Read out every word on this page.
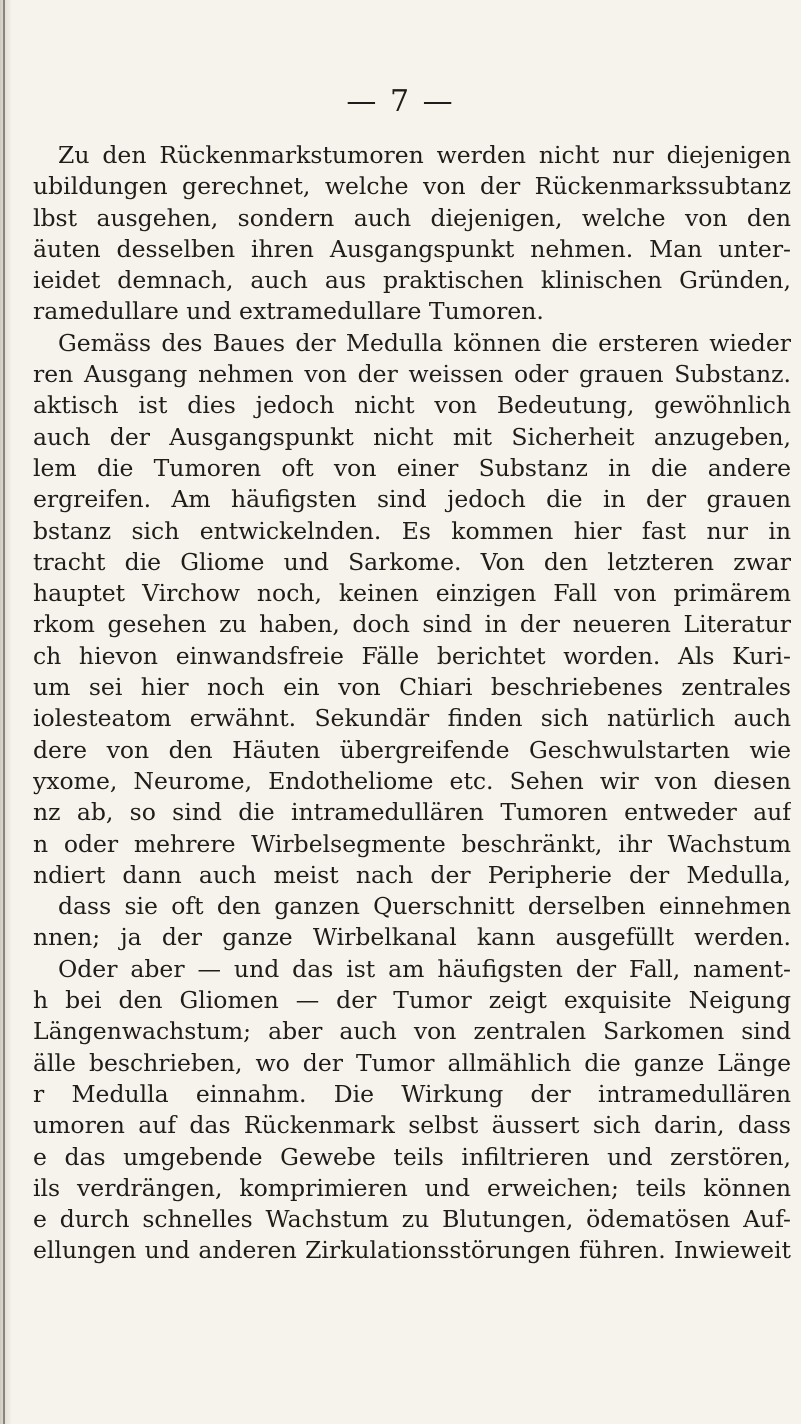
— 7 —
Zu den Rückenmarkstumoren werden nicht nur diejenigen
ubildungen gerechnet, welche von der Rückenmarkssubtanz
lbst ausgehen, sondern auch diejenigen, welche von den
äuten desselben ihren Ausgangspunkt nehmen. Man unter-
ieidet demnach, auch aus praktischen klinischen Gründen,
ramedullare und extramedullare Tumoren.
Gemäss des Baues der Medulla können die ersteren wieder
ren Ausgang nehmen von der weissen oder grauen Substanz.
aktisch ist dies jedoch nicht von Bedeutung, gewöhnlich
auch der Ausgangspunkt nicht mit Sicherheit anzugeben,
lem die Tumoren oft von einer Substanz in die andere
ergreifen. Am häufigsten sind jedoch die in der grauen
bstanz sich entwickelnden. Es kommen hier fast nur in
tracht die Gliome und Sarkome. Von den letzteren zwar
hauptet Virchow noch, keinen einzigen Fall von primärem
rkom gesehen zu haben, doch sind in der neueren Literatur
ch hievon einwandsfreie Fälle berichtet worden. Als Kuri-
um sei hier noch ein von Chiari beschriebenes zentrales
iolesteatom erwähnt. Sekundär finden sich natürlich auch
dere von den Häuten übergreifende Geschwulstarten wie
yxome, Neurome, Endotheliome etc. Sehen wir von diesen
nz ab, so sind die intramedullären Tumoren entweder auf
n oder mehrere Wirbelsegmente beschränkt, ihr Wachstum
ndiert dann auch meist nach der Peripherie der Medulla,
dass sie oft den ganzen Querschnitt derselben einnehmen
nnen; ja der ganze Wirbelkanal kann ausgefüllt werden.
Oder aber — und das ist am häufigsten der Fall, nament-
h bei den Gliomen — der Tumor zeigt exquisite Neigung
Längenwachstum; aber auch von zentralen Sarkomen sind
älle beschrieben, wo der Tumor allmählich die ganze Länge
r Medulla einnahm. Die Wirkung der intramedullären
umoren auf das Rückenmark selbst äussert sich darin, dass
e das umgebende Gewebe teils infiltrieren und zerstören,
ils verdrängen, komprimieren und erweichen; teils können
e durch schnelles Wachstum zu Blutungen, ödematösen Auf-
ellungen und anderen Zirkulationsstörungen führen. Inwieweit
